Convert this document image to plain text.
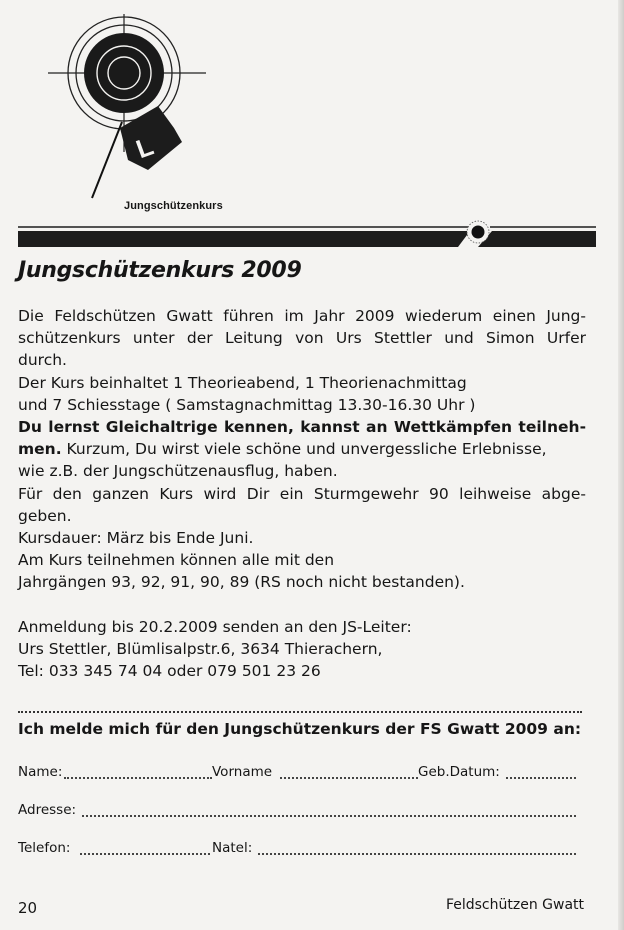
L
Jungschützenkurs
Jungschützenkurs 2009
Die Feldschützen Gwatt führen im Jahr 2009 wiederum einen Jung-
schützenkurs unter der Leitung von Urs Stettler und Simon Urfer
durch.
Der Kurs beinhaltet 1 Theorieabend, 1 Theorienachmittag
und 7 Schiesstage ( Samstagnachmittag 13.30-16.30 Uhr )
Du lernst Gleichaltrige kennen, kannst an Wettkämpfen teilneh-
men. Kurzum, Du wirst viele schöne und unvergessliche Erlebnisse,
wie z.B. der Jungschützenausflug, haben.
Für den ganzen Kurs wird Dir ein Sturmgewehr 90 leihweise abge-
geben.
Kursdauer: März bis Ende Juni.
Am Kurs teilnehmen können alle mit den
Jahrgängen 93, 92, 91, 90, 89 (RS noch nicht bestanden).
Anmeldung bis 20.2.2009 senden an den JS-Leiter:
Urs Stettler, Blümlisalpstr.6, 3634 Thierachern,
Tel: 033 345 74 04 oder 079 501 23 26
Ich melde mich für den Jungschützenkurs der FS Gwatt 2009 an:
Name:	Vorname	Geb.Datum:
Adresse:
Telefon:	Natel:
20	Feldschützen Gwatt
